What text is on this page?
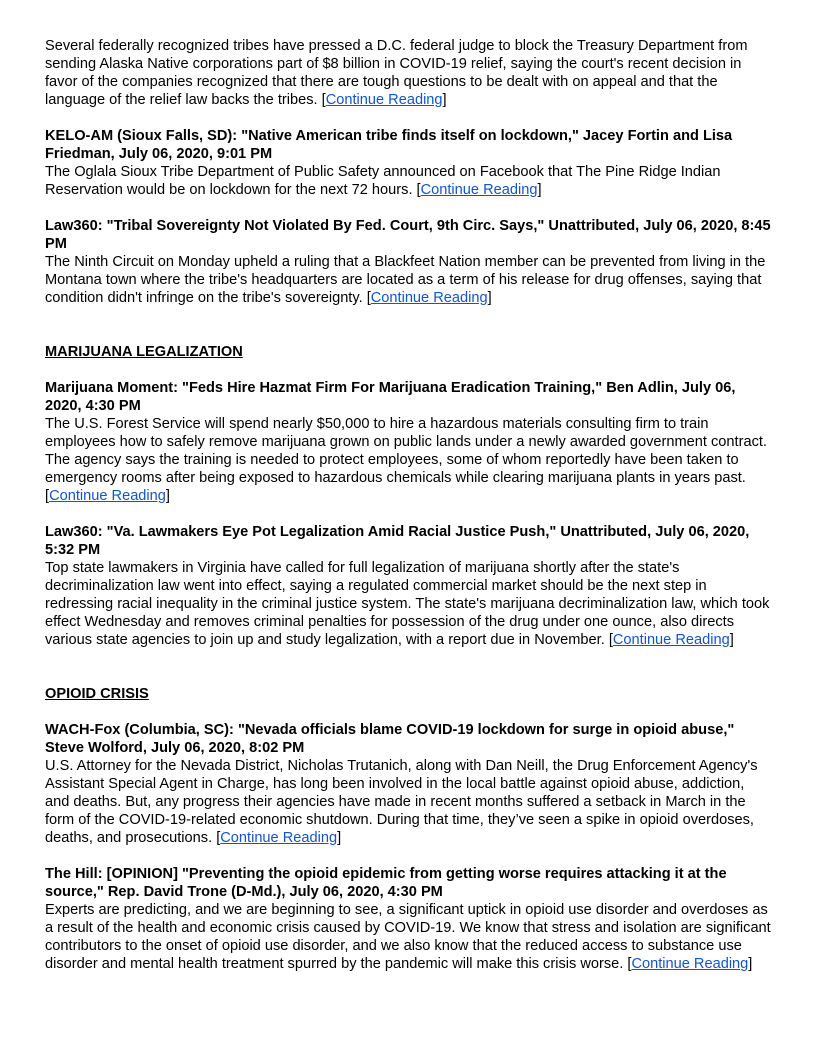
Several federally recognized tribes have pressed a D.C. federal judge to block the Treasury Department from sending Alaska Native corporations part of $8 billion in COVID-19 relief, saying the court's recent decision in favor of the companies recognized that there are tough questions to be dealt with on appeal and that the language of the relief law backs the tribes. [Continue Reading]

KELO-AM (Sioux Falls, SD): "Native American tribe finds itself on lockdown," Jacey Fortin and Lisa Friedman, July 06, 2020, 9:01 PM

The Oglala Sioux Tribe Department of Public Safety announced on Facebook that The Pine Ridge Indian Reservation would be on lockdown for the next 72 hours. [Continue Reading]

Law360: "Tribal Sovereignty Not Violated By Fed. Court, 9th Circ. Says," Unattributed, July 06, 2020, 8:45 PM

The Ninth Circuit on Monday upheld a ruling that a Blackfeet Nation member can be prevented from living in the Montana town where the tribe's headquarters are located as a term of his release for drug offenses, saying that condition didn't infringe on the tribe's sovereignty. [Continue Reading]

MARIJUANA LEGALIZATION

Marijuana Moment: "Feds Hire Hazmat Firm For Marijuana Eradication Training," Ben Adlin, July 06, 2020, 4:30 PM

The U.S. Forest Service will spend nearly $50,000 to hire a hazardous materials consulting firm to train employees how to safely remove marijuana grown on public lands under a newly awarded government contract. The agency says the training is needed to protect employees, some of whom reportedly have been taken to emergency rooms after being exposed to hazardous chemicals while clearing marijuana plants in years past. [Continue Reading]

Law360: "Va. Lawmakers Eye Pot Legalization Amid Racial Justice Push," Unattributed, July 06, 2020, 5:32 PM

Top state lawmakers in Virginia have called for full legalization of marijuana shortly after the state's decriminalization law went into effect, saying a regulated commercial market should be the next step in redressing racial inequality in the criminal justice system. The state's marijuana decriminalization law, which took effect Wednesday and removes criminal penalties for possession of the drug under one ounce, also directs various state agencies to join up and study legalization, with a report due in November. [Continue Reading]

OPIOID CRISIS

WACH-Fox (Columbia, SC): "Nevada officials blame COVID-19 lockdown for surge in opioid abuse," Steve Wolford, July 06, 2020, 8:02 PM

U.S. Attorney for the Nevada District, Nicholas Trutanich, along with Dan Neill, the Drug Enforcement Agency's Assistant Special Agent in Charge, has long been involved in the local battle against opioid abuse, addiction, and deaths. But, any progress their agencies have made in recent months suffered a setback in March in the form of the COVID-19-related economic shutdown. During that time, they’ve seen a spike in opioid overdoses, deaths, and prosecutions. [Continue Reading]

The Hill: [OPINION] "Preventing the opioid epidemic from getting worse requires attacking it at the source," Rep. David Trone (D-Md.), July 06, 2020, 4:30 PM

Experts are predicting, and we are beginning to see, a significant uptick in opioid use disorder and overdoses as a result of the health and economic crisis caused by COVID-19. We know that stress and isolation are significant contributors to the onset of opioid use disorder, and we also know that the reduced access to substance use disorder and mental health treatment spurred by the pandemic will make this crisis worse. [Continue Reading]
